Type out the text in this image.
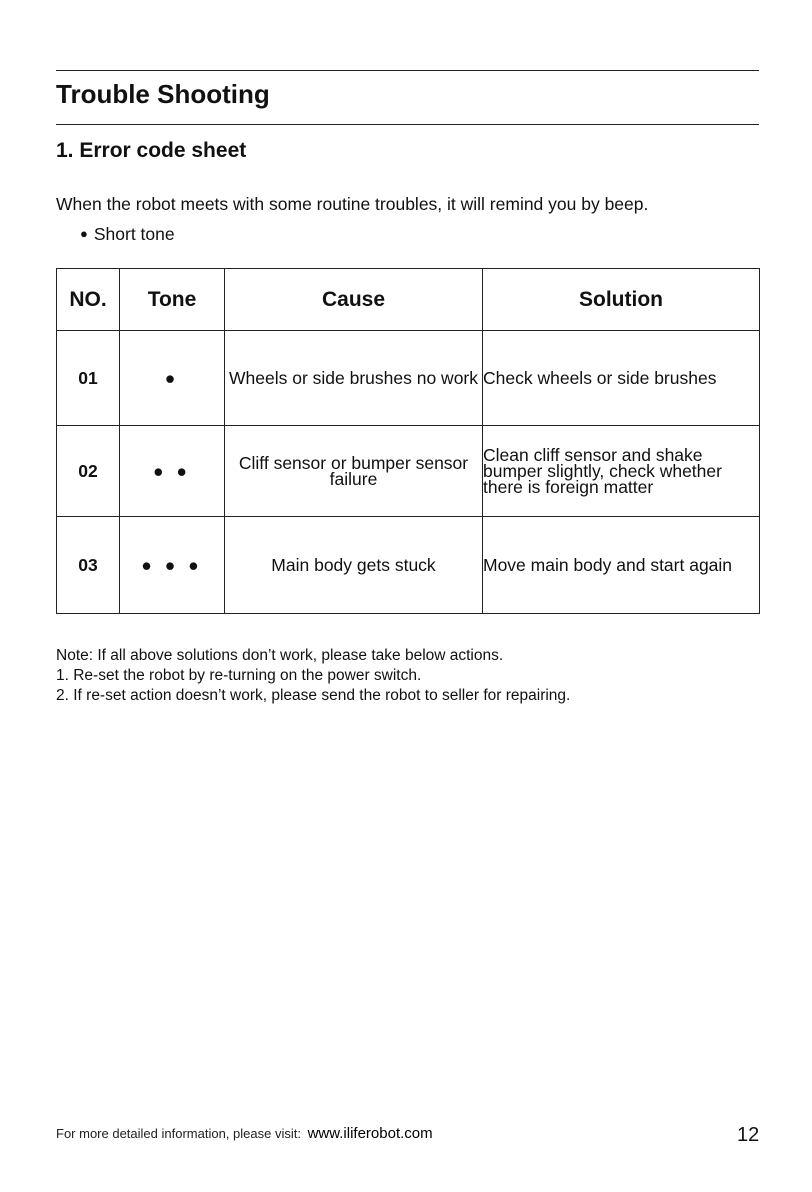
Trouble Shooting
1. Error code sheet

When the robot meets with some routine troubles, it will remind you by beep.

● Short tone

NO.	Tone	Cause	Solution
01	●	Wheels or side brushes no work	Check wheels or side brushes
02	● ●	Cliff sensor or bumper sensor failure	Clean cliff sensor and shake bumper slightly, check whether there is foreign matter
03	● ● ●	Main body gets stuck	Move main body and start again
Note: If all above solutions don’t work, please take below actions.
1. Re-set the robot by re-turning on the power switch.
2. If re-set action doesn’t work, please send the robot to seller for repairing.
For more detailed information, please visit: www.iliferobot.com	12
